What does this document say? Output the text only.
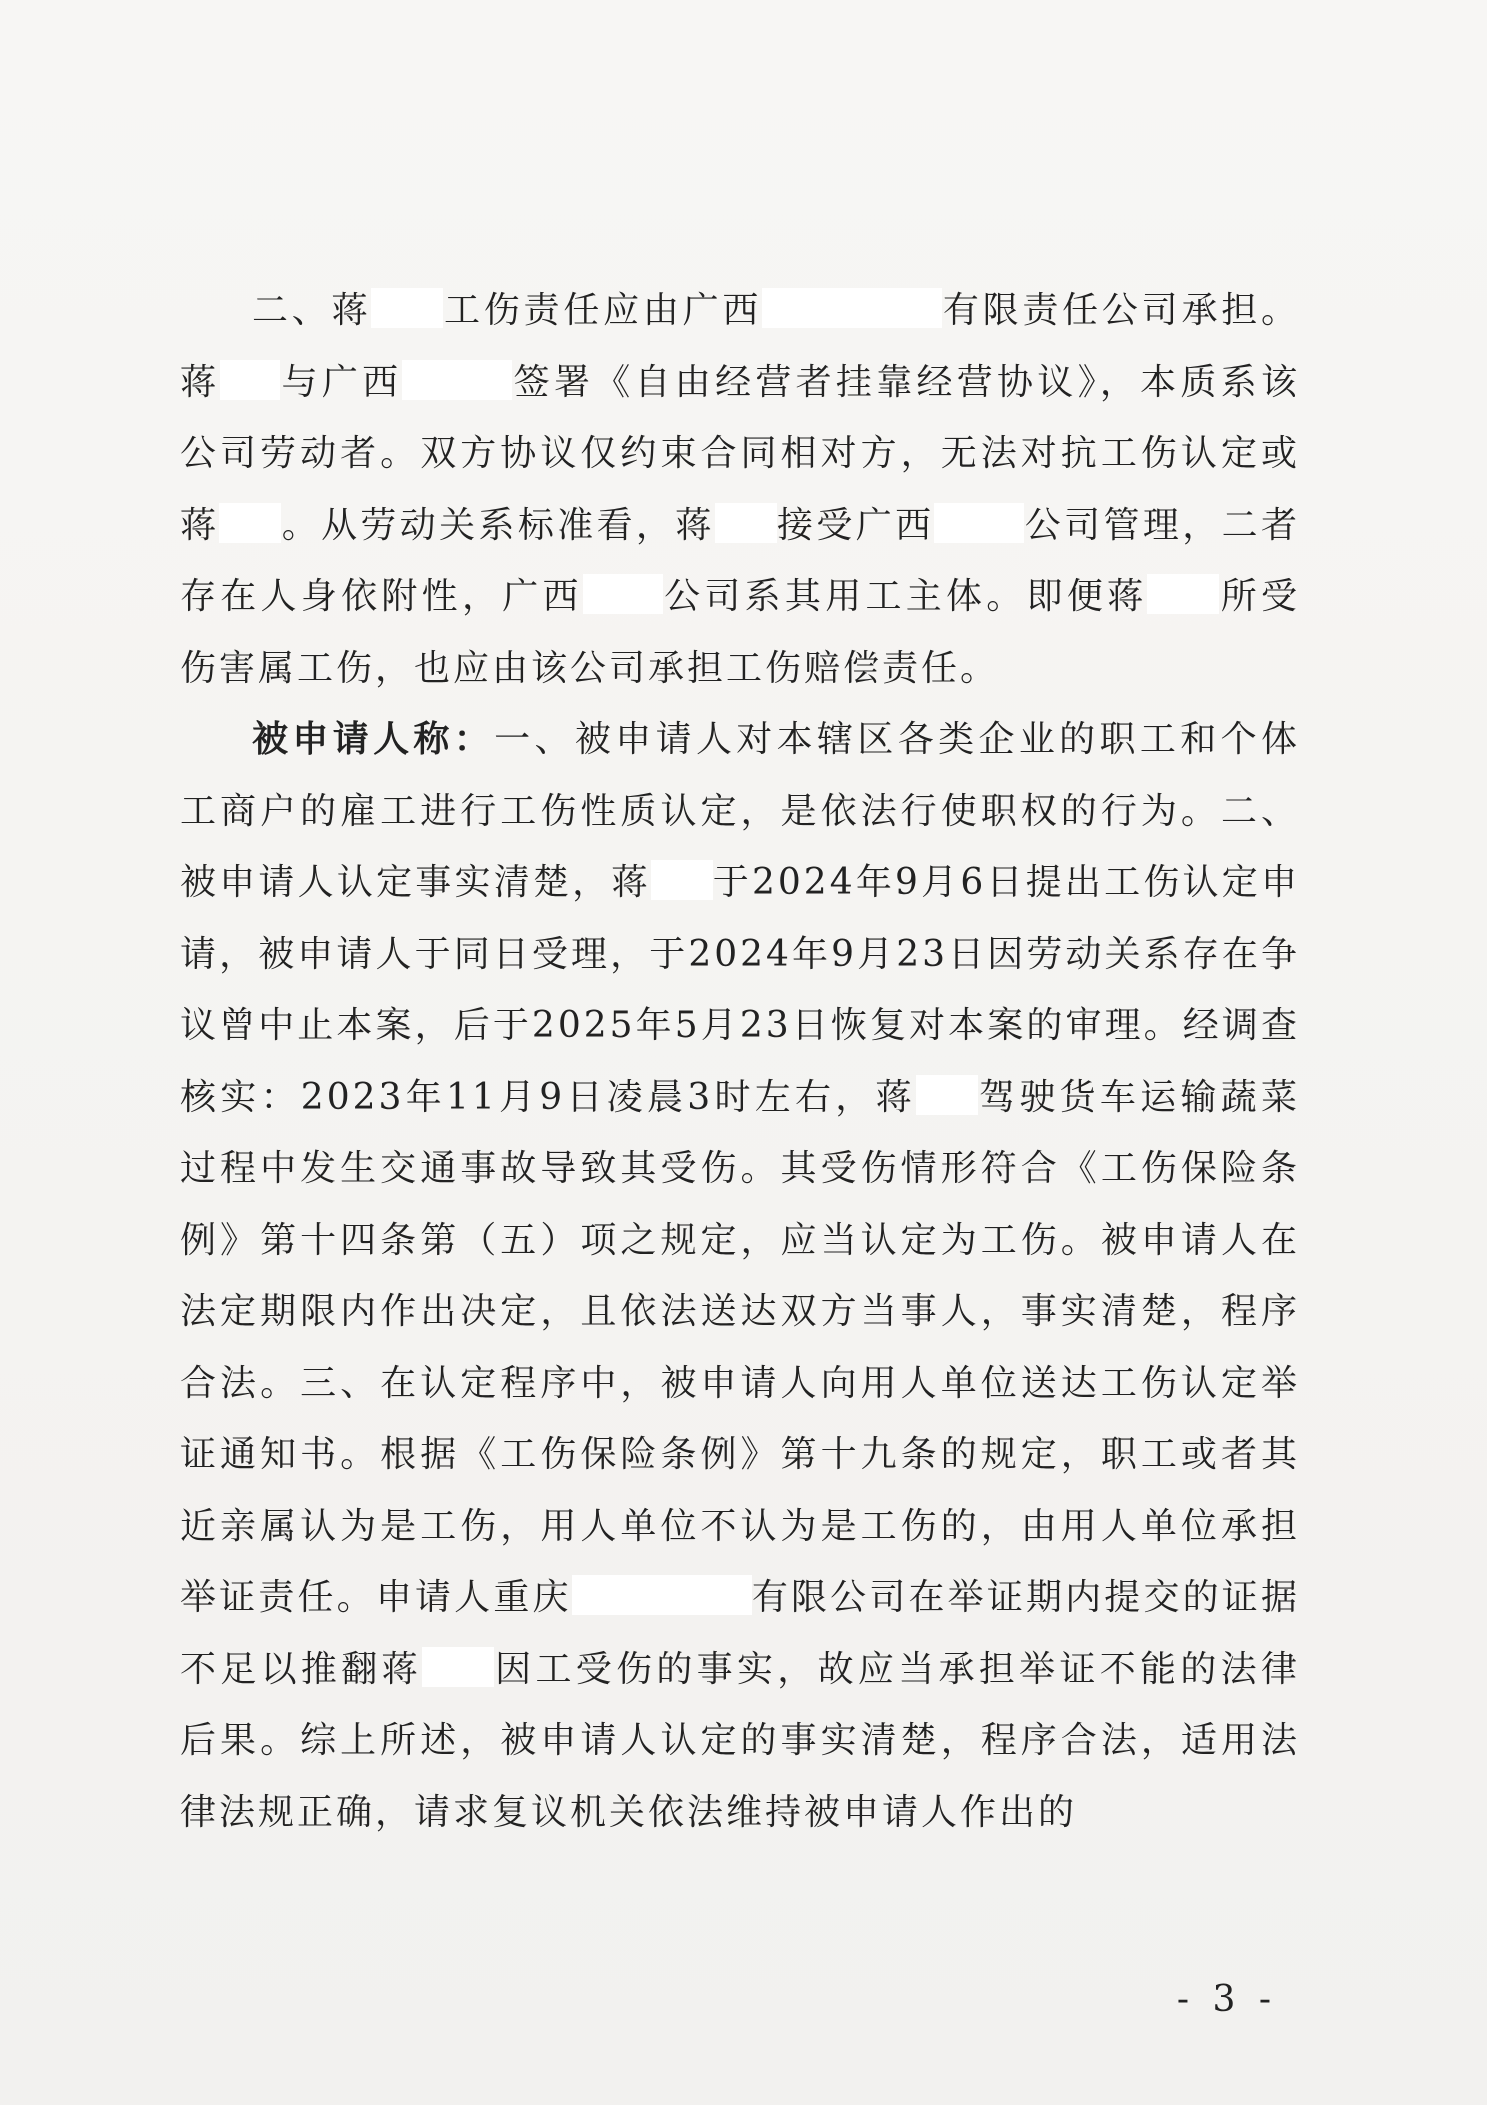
二、蒋 工伤责任应由广西	有限责任公司承担。蒋 与广西	签署《自由经营者挂靠经营协议》，本质系该公司劳动者。双方协议仅约束合同相对方，无法对抗工伤认定或蒋 。从劳动关系标准看，蒋 接受广西	公司管理，二者存在人身依附性，广西 公司系其用工主体。即便蒋 所受伤害属工伤，也应由该公司承担工伤赔偿责任。

被申请人称：一、被申请人对本辖区各类企业的职工和个体工商户的雇工进行工伤性质认定，是依法行使职权的行为。二、被申请人认定事实清楚，蒋 于2024年9月6日提出工伤认定申请，被申请人于同日受理，于2024年9月23日因劳动关系存在争议曾中止本案，后于2025年5月23日恢复对本案的审理。经调查核实：2023年11月9日凌晨3时左右，蒋 驾驶货车运输蔬菜过程中发生交通事故导致其受伤。其受伤情形符合《工伤保险条例》第十四条第（五）项之规定，应当认定为工伤。被申请人在法定期限内作出决定，且依法送达双方当事人，事实清楚，程序合法。三、在认定程序中，被申请人向用人单位送达工伤认定举证通知书。根据《工伤保险条例》第十九条的规定，职工或者其近亲属认为是工伤，用人单位不认为是工伤的，由用人单位承担举证责任。申请人重庆	有限公司在举证期内提交的证据不足以推翻蒋 因工受伤的事实，故应当承担举证不能的法律后果。综上所述，被申请人认定的事实清楚，程序合法，适用法律法规正确，请求复议机关依法维持被申请人作出的

- 3 -
